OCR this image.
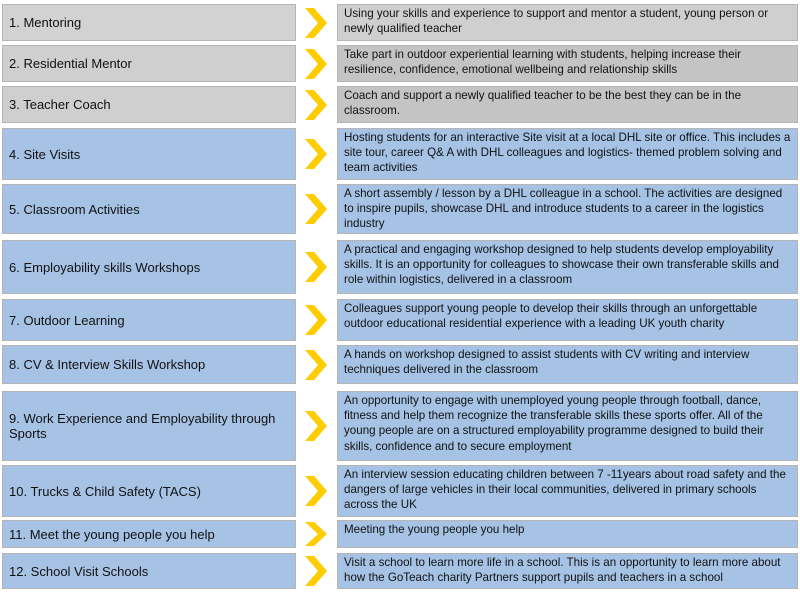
1. Mentoring
Using your skills and experience to support and mentor a student, young person or newly qualified teacher
2. Residential Mentor
Take part in outdoor experiential learning with students, helping increase their resilience, confidence, emotional wellbeing and relationship skills
3. Teacher Coach
Coach and support a newly qualified teacher to be the best they can be in the classroom.
4. Site Visits
Hosting students for an interactive Site visit at a local DHL site or office. This includes a site tour, career Q& A with DHL colleagues and logistics- themed problem solving and team activities
5. Classroom Activities
A short assembly / lesson by a DHL colleague in a school. The activities are designed to inspire pupils, showcase DHL and introduce students to a career in the logistics industry
6. Employability skills Workshops
A practical and engaging workshop designed to help students develop employability skills. It is an opportunity for colleagues to showcase their own transferable skills and role within logistics, delivered in a classroom
7. Outdoor Learning
Colleagues support young people to develop their skills through an unforgettable outdoor educational residential experience with a leading UK youth charity
8. CV & Interview Skills Workshop
A hands on workshop designed to assist students with CV writing and interview techniques delivered in the classroom
9. Work Experience and Employability through Sports
An opportunity to engage with unemployed young people through football, dance, fitness and help them recognize the transferable skills these sports offer. All of the young people are on a structured employability programme designed to build their skills, confidence and to secure employment
10. Trucks & Child Safety (TACS)
An interview session educating children between 7 -11years about road safety and the dangers of large vehicles in their local communities, delivered in primary schools across the UK
11. Meet the young people you help	Meeting the young people you help
12. School Visit Schools
Visit a school to learn more life in a school. This is an opportunity to learn more about how the GoTeach charity Partners support pupils and teachers in a school
